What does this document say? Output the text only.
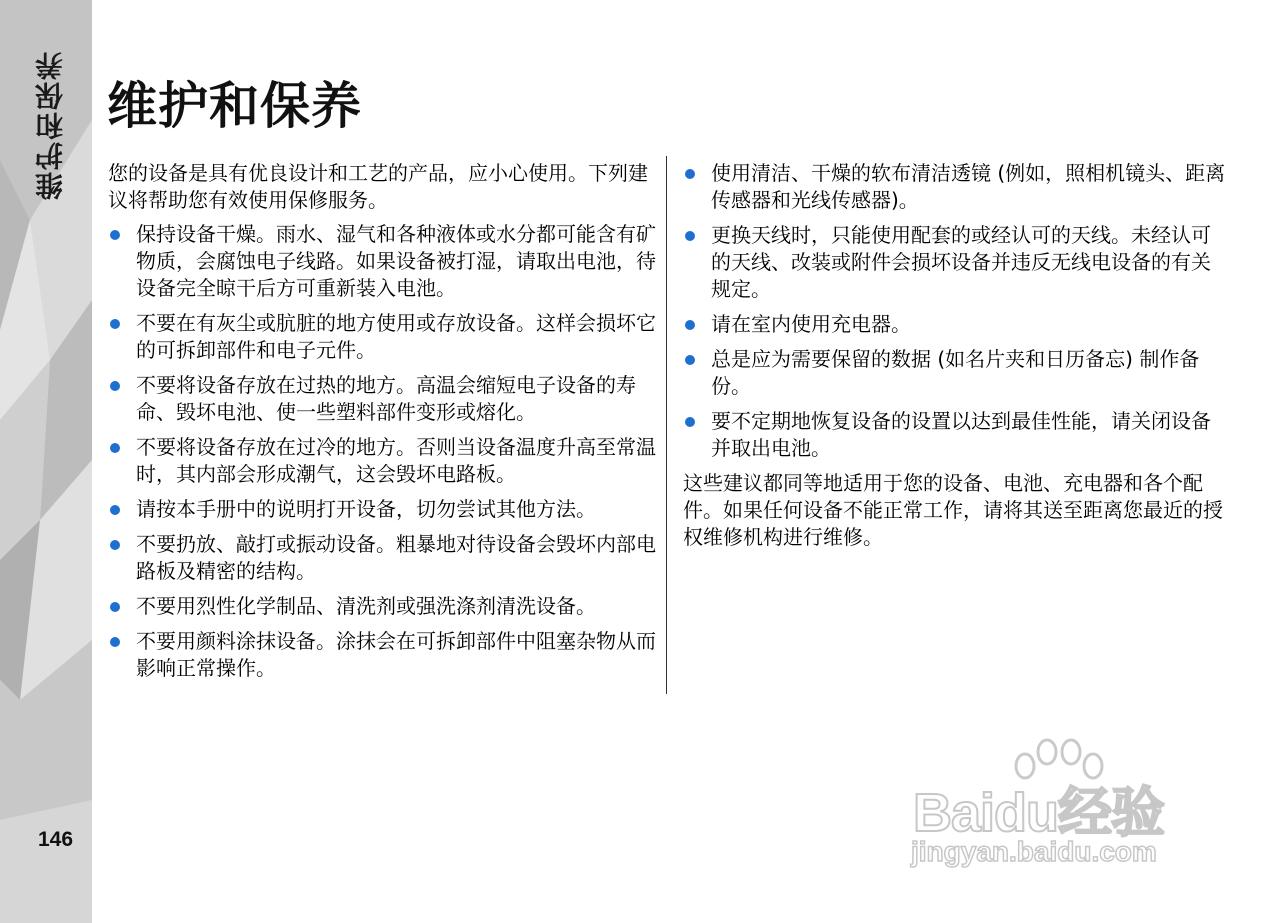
维护和保养
146
维护和保养

您的设备是具有优良设计和工艺的产品，应小心使用。下列建议将帮助您有效使用保修服务。

保持设备干燥。雨水、湿气和各种液体或水分都可能含有矿物质，会腐蚀电子线路。如果设备被打湿，请取出电池，待设备完全晾干后方可重新装入电池。
不要在有灰尘或肮脏的地方使用或存放设备。这样会损坏它的可拆卸部件和电子元件。
不要将设备存放在过热的地方。高温会缩短电子设备的寿命、毁坏电池、使一些塑料部件变形或熔化。
不要将设备存放在过冷的地方。否则当设备温度升高至常温时，其内部会形成潮气，这会毁坏电路板。
请按本手册中的说明打开设备，切勿尝试其他方法。
不要扔放、敲打或振动设备。粗暴地对待设备会毁坏内部电路板及精密的结构。
不要用烈性化学制品、清洗剂或强洗涤剂清洗设备。
不要用颜料涂抹设备。涂抹会在可拆卸部件中阻塞杂物从而影响正常操作。
使用清洁、干燥的软布清洁透镜 (例如，照相机镜头、距离传感器和光线传感器)。
更换天线时，只能使用配套的或经认可的天线。未经认可的天线、改装或附件会损坏设备并违反无线电设备的有关规定。
请在室内使用充电器。
总是应为需要保留的数据 (如名片夹和日历备忘) 制作备份。
要不定期地恢复设备的设置以达到最佳性能，请关闭设备并取出电池。

这些建议都同等地适用于您的设备、电池、充电器和各个配件。如果任何设备不能正常工作，请将其送至距离您最近的授权维修机构进行维修。

Baidu经验
jingyan.baidu.com
